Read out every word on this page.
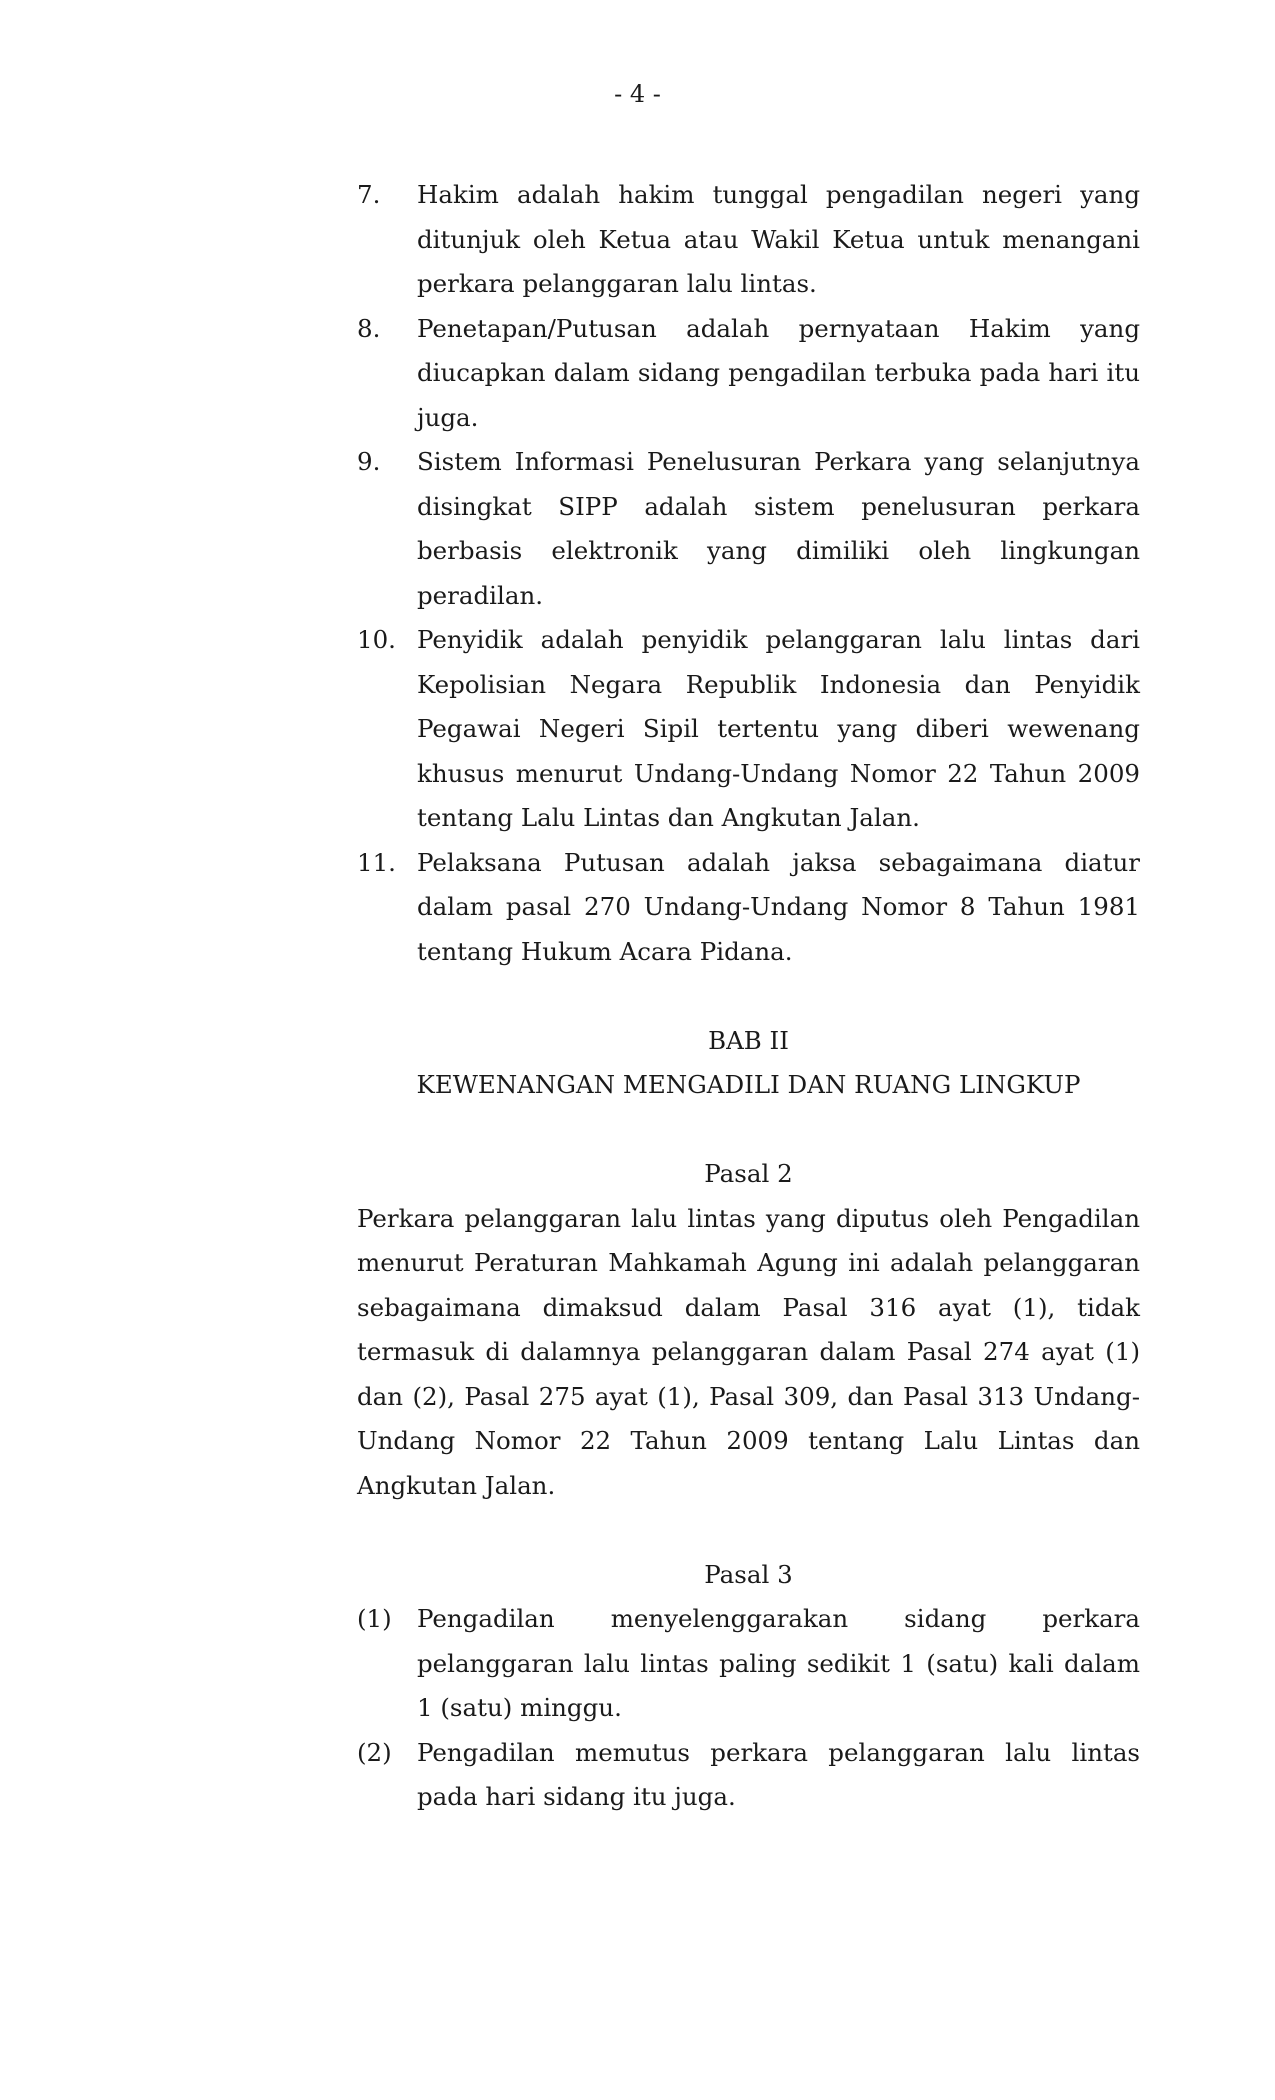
- 4 -
7.	Hakim adalah hakim tunggal pengadilan negeri yang ditunjuk oleh Ketua atau Wakil Ketua untuk menangani perkara pelanggaran lalu lintas.
8.	Penetapan/Putusan adalah pernyataan Hakim yang diucapkan dalam sidang pengadilan terbuka pada hari itu juga.
9.	Sistem Informasi Penelusuran Perkara yang selanjutnya disingkat SIPP adalah sistem penelusuran perkara berbasis elektronik yang dimiliki oleh lingkungan peradilan.
10. Penyidik adalah penyidik pelanggaran lalu lintas dari Kepolisian Negara Republik Indonesia dan Penyidik Pegawai Negeri Sipil tertentu yang diberi wewenang khusus menurut Undang-Undang Nomor 22 Tahun 2009 tentang Lalu Lintas dan Angkutan Jalan.
11. Pelaksana Putusan adalah jaksa sebagaimana diatur dalam pasal 270 Undang-Undang Nomor 8 Tahun 1981 tentang Hukum Acara Pidana.
BAB II
KEWENANGAN MENGADILI DAN RUANG LINGKUP
Pasal 2
Perkara pelanggaran lalu lintas yang diputus oleh Pengadilan menurut Peraturan Mahkamah Agung ini adalah pelanggaran sebagaimana dimaksud dalam Pasal 316 ayat (1), tidak termasuk di dalamnya pelanggaran dalam Pasal 274 ayat (1) dan (2), Pasal 275 ayat (1), Pasal 309, dan Pasal 313 Undang-Undang Nomor 22 Tahun 2009 tentang Lalu Lintas dan Angkutan Jalan.
Pasal 3
(1)	Pengadilan menyelenggarakan sidang perkara pelanggaran lalu lintas paling sedikit 1 (satu) kali dalam 1 (satu) minggu.
(2)	Pengadilan memutus perkara pelanggaran lalu lintas pada hari sidang itu juga.
